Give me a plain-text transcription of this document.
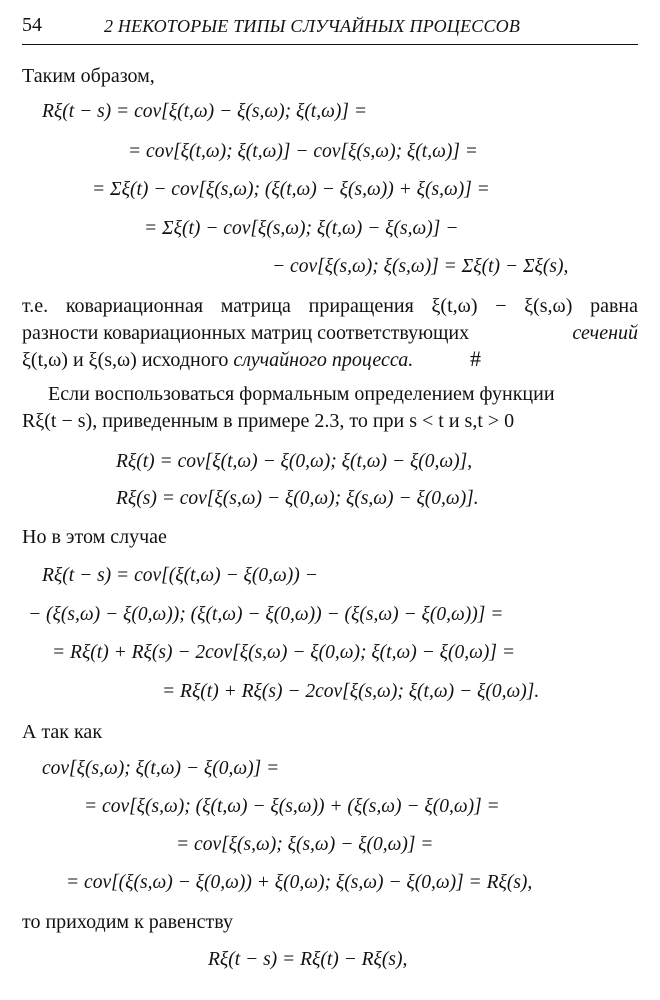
54	2 НЕКОТОРЫЕ ТИПЫ СЛУЧАЙНЫХ ПРОЦЕССОВ
Таким образом,
Rξ(t − s) = cov[ξ(t,ω) − ξ(s,ω); ξ(t,ω)] =
= cov[ξ(t,ω); ξ(t,ω)] − cov[ξ(s,ω); ξ(t,ω)] =
= Σξ(t) − cov[ξ(s,ω); (ξ(t,ω) − ξ(s,ω)) + ξ(s,ω)] =
= Σξ(t) − cov[ξ(s,ω); ξ(t,ω) − ξ(s,ω)] −
− cov[ξ(s,ω); ξ(s,ω)] = Σξ(t) − Σξ(s),
т.е. ковариационная матрица приращения ξ(t,ω) − ξ(s,ω) равна
разности ковариационных матриц соответствующих	сечений
ξ(t,ω) и ξ(s,ω) исходного случайного процесса.	#
Если воспользоваться формальным определением функции
Rξ(t − s), приведенным в примере 2.3, то при s < t и s,t > 0
Rξ(t) = cov[ξ(t,ω) − ξ(0,ω); ξ(t,ω) − ξ(0,ω)],
Rξ(s) = cov[ξ(s,ω) − ξ(0,ω); ξ(s,ω) − ξ(0,ω)].
Но в этом случае
Rξ(t − s) = cov[(ξ(t,ω) − ξ(0,ω)) −
− (ξ(s,ω) − ξ(0,ω)); (ξ(t,ω) − ξ(0,ω)) − (ξ(s,ω) − ξ(0,ω))] =
= Rξ(t) + Rξ(s) − 2cov[ξ(s,ω) − ξ(0,ω); ξ(t,ω) − ξ(0,ω)] =
= Rξ(t) + Rξ(s) − 2cov[ξ(s,ω); ξ(t,ω) − ξ(0,ω)].
А так как
cov[ξ(s,ω); ξ(t,ω) − ξ(0,ω)] =
= cov[ξ(s,ω); (ξ(t,ω) − ξ(s,ω)) + (ξ(s,ω) − ξ(0,ω)] =
= cov[ξ(s,ω); ξ(s,ω) − ξ(0,ω)] =
= cov[(ξ(s,ω) − ξ(0,ω)) + ξ(0,ω); ξ(s,ω) − ξ(0,ω)] = Rξ(s),
то приходим к равенству
Rξ(t − s) = Rξ(t) − Rξ(s),
